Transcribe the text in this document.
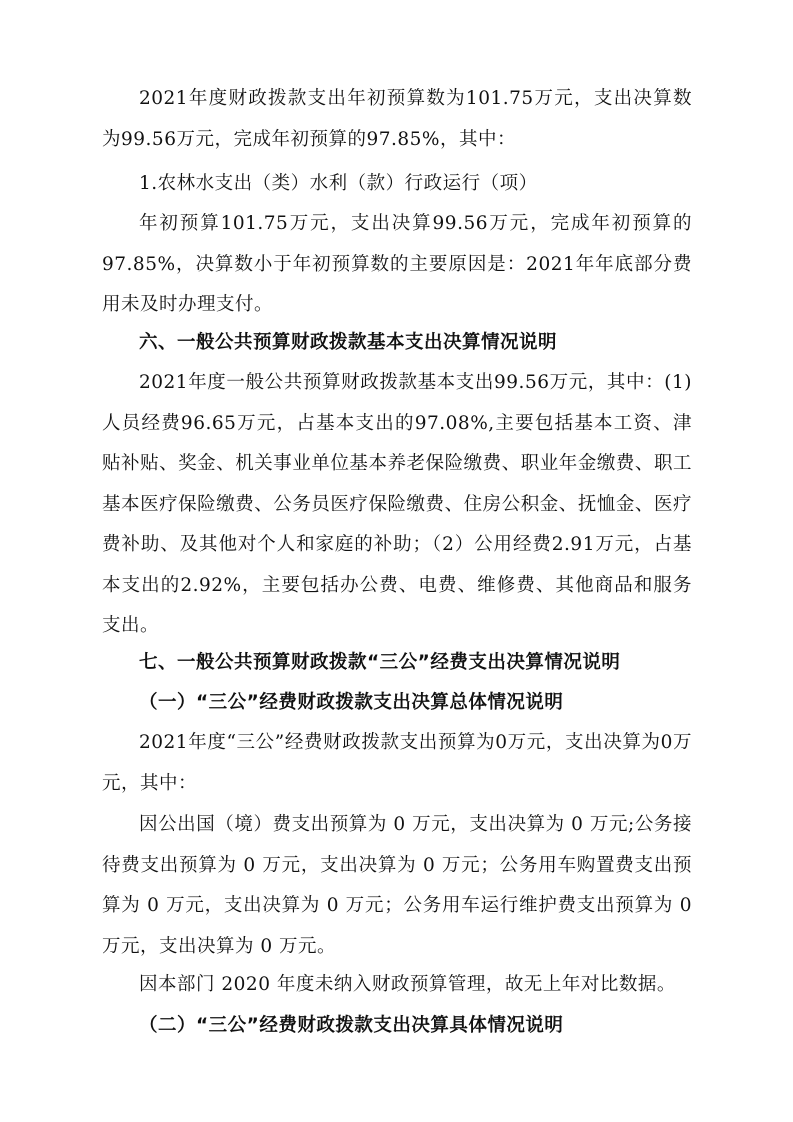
2021年度财政拨款支出年初预算数为101.75万元，支出决算数为99.56万元，完成年初预算的97.85%，其中：

1.农林水支出（类）水利（款）行政运行（项）

年初预算101.75万元，支出决算99.56万元，完成年初预算的97.85%，决算数小于年初预算数的主要原因是：2021年年底部分费用未及时办理支付。

六、一般公共预算财政拨款基本支出决算情况说明

2021年度一般公共预算财政拨款基本支出99.56万元，其中：(1)人员经费96.65万元，占基本支出的97.08%,主要包括基本工资、津贴补贴、奖金、机关事业单位基本养老保险缴费、职业年金缴费、职工基本医疗保险缴费、公务员医疗保险缴费、住房公积金、抚恤金、医疗费补助、及其他对个人和家庭的补助；（2）公用经费2.91万元，占基本支出的2.92%，主要包括办公费、电费、维修费、其他商品和服务支出。

七、一般公共预算财政拨款“三公”经费支出决算情况说明
（一）“三公”经费财政拨款支出决算总体情况说明

2021年度“三公”经费财政拨款支出预算为0万元，支出决算为0万元，其中：

因公出国（境）费支出预算为 0 万元，支出决算为 0 万元;公务接待费支出预算为 0 万元，支出决算为 0 万元；公务用车购置费支出预算为 0 万元，支出决算为 0 万元；公务用车运行维护费支出预算为 0 万元，支出决算为 0 万元。

因本部门 2020 年度未纳入财政预算管理，故无上年对比数据。

（二）“三公”经费财政拨款支出决算具体情况说明
